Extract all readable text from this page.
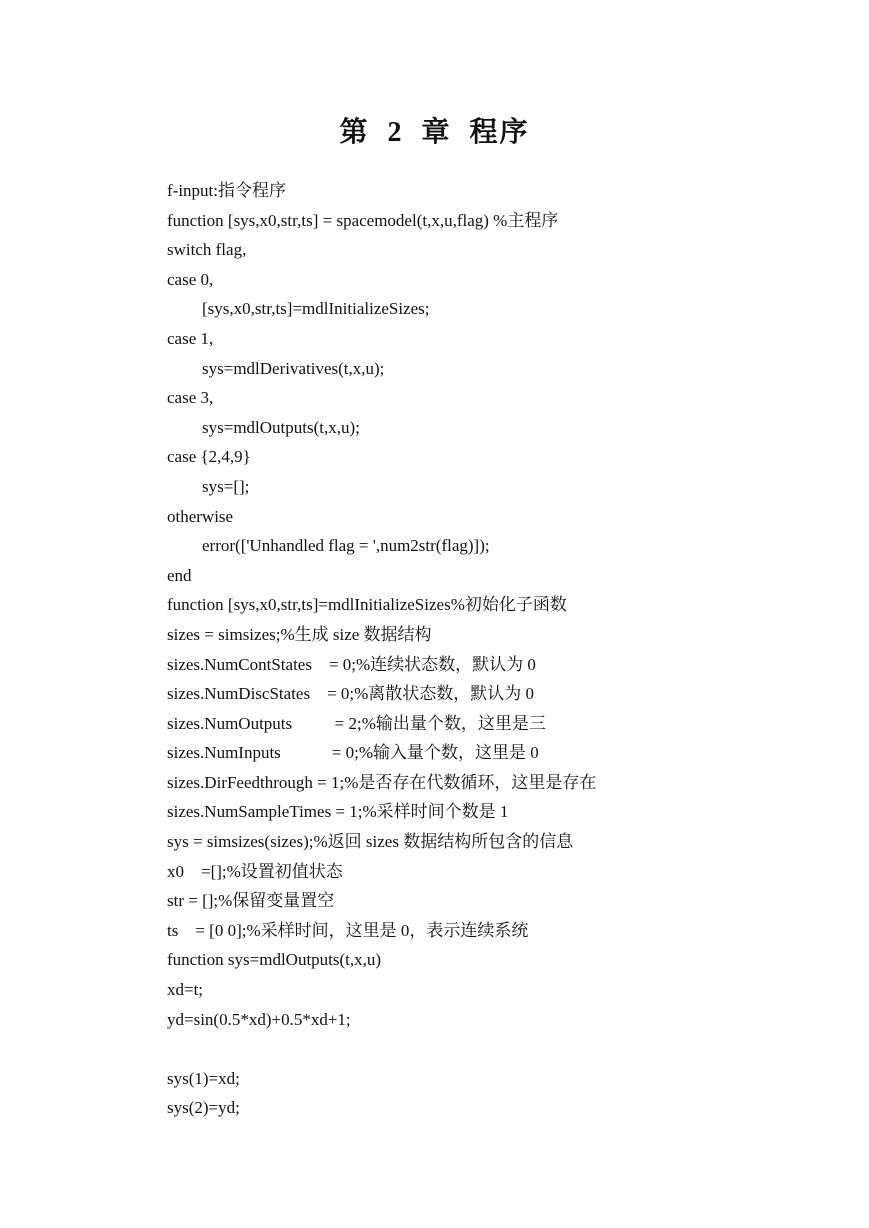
第  2  章  程序
f-input:指令程序
function [sys,x0,str,ts] = spacemodel(t,x,u,flag) %主程序
switch flag,
case 0,
[sys,x0,str,ts]=mdlInitializeSizes;
case 1,
sys=mdlDerivatives(t,x,u);
case 3,
sys=mdlOutputs(t,x,u);
case {2,4,9}
sys=[];
otherwise
error(['Unhandled flag = ',num2str(flag)]);
end
function [sys,x0,str,ts]=mdlInitializeSizes%初始化子函数
sizes = simsizes;%生成 size 数据结构
sizes.NumContStates    = 0;%连续状态数，默认为 0
sizes.NumDiscStates    = 0;%离散状态数，默认为 0
sizes.NumOutputs          = 2;%输出量个数，这里是三
sizes.NumInputs            = 0;%输入量个数，这里是 0
sizes.DirFeedthrough = 1;%是否存在代数循环，这里是存在
sizes.NumSampleTimes = 1;%采样时间个数是 1
sys = simsizes(sizes);%返回 sizes 数据结构所包含的信息
x0    =[];%设置初值状态
str = [];%保留变量置空
ts    = [0 0];%采样时间，这里是 0，表示连续系统
function sys=mdlOutputs(t,x,u)
xd=t;
yd=sin(0.5*xd)+0.5*xd+1;
sys(1)=xd;
sys(2)=yd;
